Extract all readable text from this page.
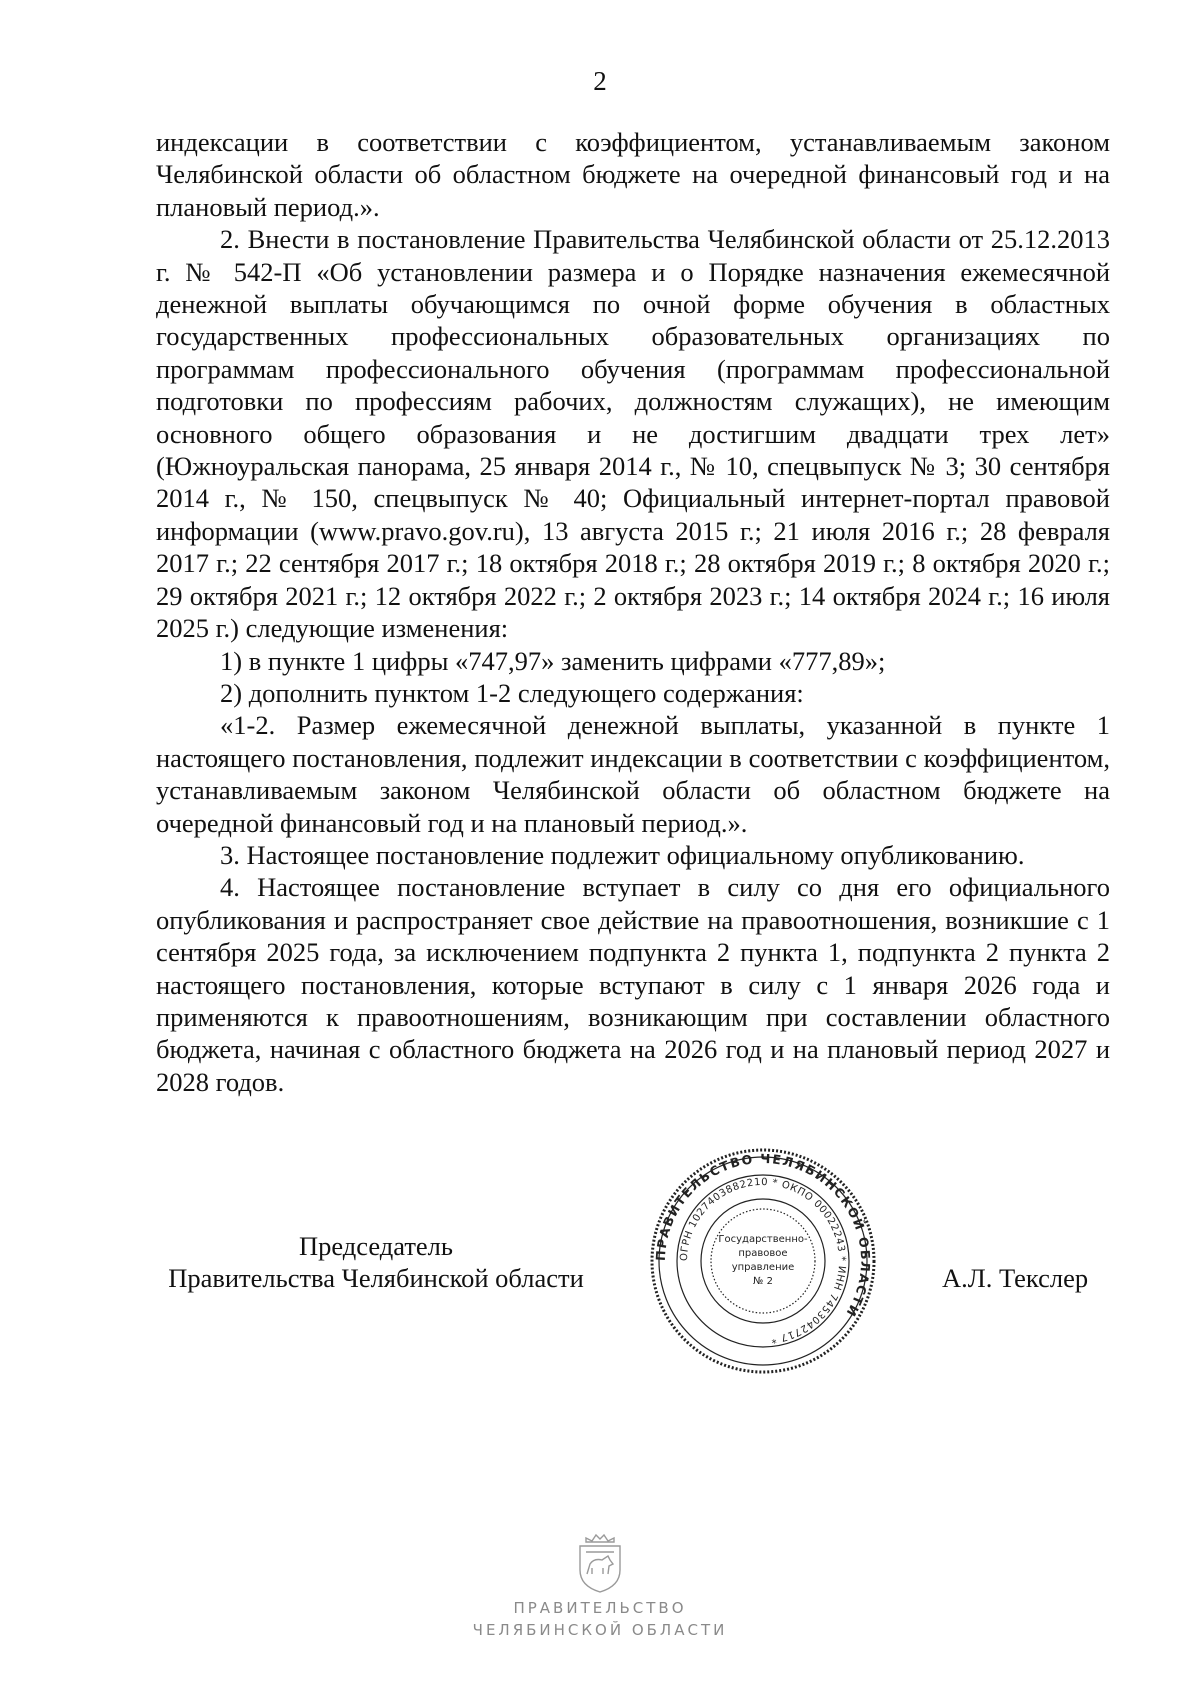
2

индексации в соответствии с коэффициентом, устанавливаемым законом Челябинской области об областном бюджете на очередной финансовый год и на плановый период.».

2. Внести в постановление Правительства Челябинской области от 25.12.2013 г. № 542-П «Об установлении размера и о Порядке назначения ежемесячной денежной выплаты обучающимся по очной форме обучения в областных государственных профессиональных образовательных организациях по программам профессионального обучения (программам профессиональной подготовки по профессиям рабочих, должностям служащих), не имеющим основного общего образования и не достигшим двадцати трех лет» (Южноуральская панорама, 25 января 2014 г., № 10, спецвыпуск № 3; 30 сентября 2014 г., № 150, спецвыпуск № 40; Официальный интернет-портал правовой информации (www.pravo.gov.ru), 13 августа 2015 г.; 21 июля 2016 г.; 28 февраля 2017 г.; 22 сентября 2017 г.; 18 октября 2018 г.; 28 октября 2019 г.; 8 октября 2020 г.; 29 октября 2021 г.; 12 октября 2022 г.; 2 октября 2023 г.; 14 октября 2024 г.; 16 июля 2025 г.) следующие изменения:

1) в пункте 1 цифры «747,97» заменить цифрами «777,89»;

2) дополнить пунктом 1-2 следующего содержания:

«1-2. Размер ежемесячной денежной выплаты, указанной в пункте 1 настоящего постановления, подлежит индексации в соответствии с коэффициентом, устанавливаемым законом Челябинской области об областном бюджете на очередной финансовый год и на плановый период.».

3. Настоящее постановление подлежит официальному опубликованию.

4. Настоящее постановление вступает в силу со дня его официального опубликования и распространяет свое действие на правоотношения, возникшие с 1 сентября 2025 года, за исключением подпункта 2 пункта 1, подпункта 2 пункта 2 настоящего постановления, которые вступают в силу с 1 января 2026 года и применяются к правоотношениям, возникающим при составлении областного бюджета, начиная с областного бюджета на 2026 год и на плановый период 2027 и 2028 годов.

Председатель
Правительства Челябинской области	А.Л. Текслер
ПРАВИТЕЛЬСТВО ЧЕЛЯБИНСКОЙ ОБЛАСТИ
ОГРН 1027403882210 * ОКПО 00022243 * ИНН 7453042717 *
Государственно-
правовое
управление
№ 2
ПРАВИТЕЛЬСТВО
ЧЕЛЯБИНСКОЙ ОБЛАСТИ
